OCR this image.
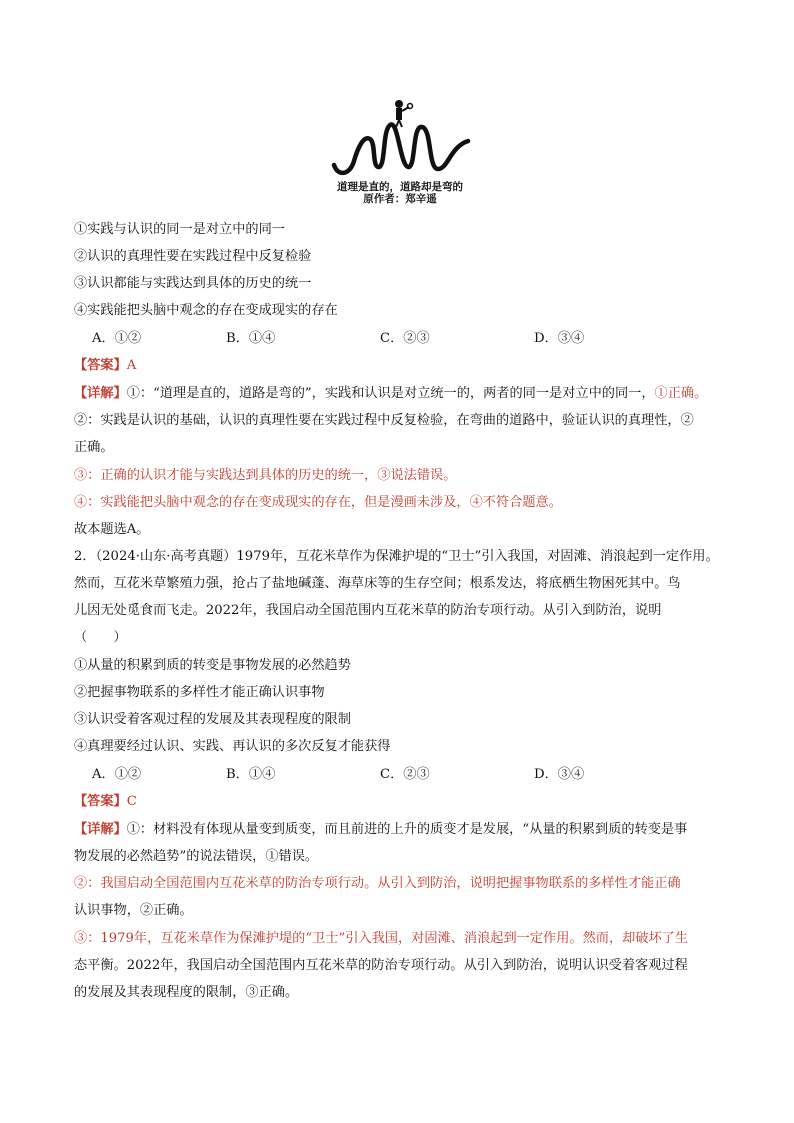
道理是直的，道路却是弯的
原作者：郑辛遥
①实践与认识的同一是对立中的同一
②认识的真理性要在实践过程中反复检验
③认识都能与实践达到具体的历史的统一
④实践能把头脑中观念的存在变成现实的存在
A．①②	B．①④	C．②③	D．③④
【答案】A
【详解】①：“道理是直的，道路是弯的”，实践和认识是对立统一的，两者的同一是对立中的同一，①正确。
②：实践是认识的基础，认识的真理性要在实践过程中反复检验，在弯曲的道路中，验证认识的真理性，②
正确。
③：正确的认识才能与实践达到具体的历史的统一，③说法错误。
④：实践能把头脑中观念的存在变成现实的存在，但是漫画未涉及，④不符合题意。
故本题选A。
2．（2024·山东·高考真题）1979年，互花米草作为保滩护堤的“卫士”引入我国，对固滩、消浪起到一定作用。
然而，互花米草繁殖力强，抢占了盐地碱蓬、海草床等的生存空间；根系发达，将底栖生物困死其中。鸟
儿因无处觅食而飞走。2022年，我国启动全国范围内互花米草的防治专项行动。从引入到防治，说明
（　　）
①从量的积累到质的转变是事物发展的必然趋势
②把握事物联系的多样性才能正确认识事物
③认识受着客观过程的发展及其表现程度的限制
④真理要经过认识、实践、再认识的多次反复才能获得
A．①②	B．①④	C．②③	D．③④
【答案】C
【详解】①：材料没有体现从量变到质变，而且前进的上升的质变才是发展，“从量的积累到质的转变是事
物发展的必然趋势”的说法错误，①错误。
②：我国启动全国范围内互花米草的防治专项行动。从引入到防治，说明把握事物联系的多样性才能正确
认识事物，②正确。
③：1979年，互花米草作为保滩护堤的“卫士”引入我国，对固滩、消浪起到一定作用。然而，却破坏了生
态平衡。2022年，我国启动全国范围内互花米草的防治专项行动。从引入到防治，说明认识受着客观过程
的发展及其表现程度的限制，③正确。
